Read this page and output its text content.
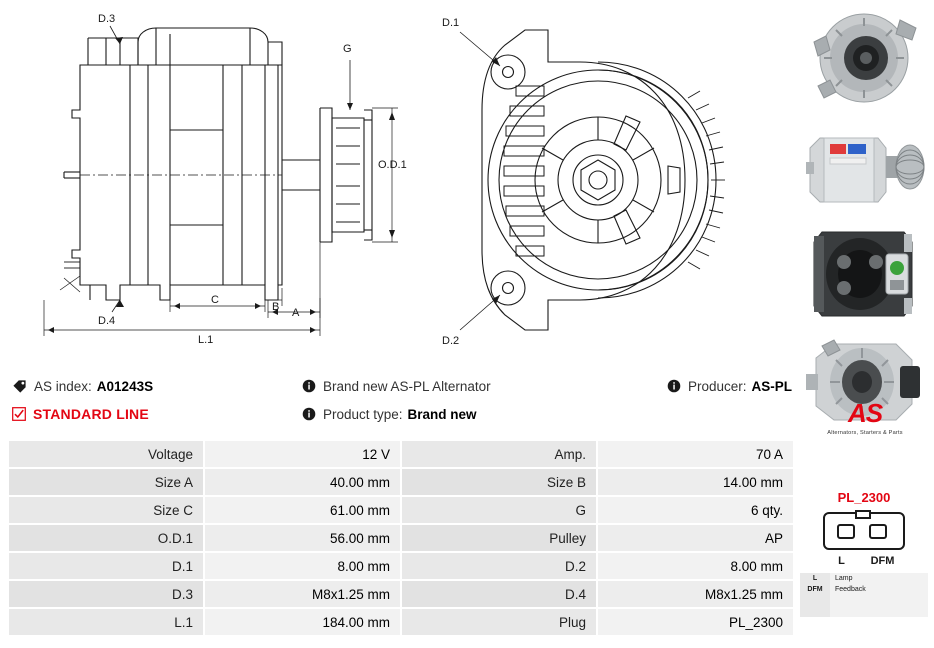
D.3
G
O.D.1
D.4
C
B A
L.1
D.1
D.2
AS index: A01243S	Brand new AS-PL Alternator	Producer: AS-PL
STANDARD LINE	Product type: Brand new
Voltage	12 V	Amp.	70 A
Size A	40.00 mm	Size B	14.00 mm
Size C	61.00 mm	G	6 qty.
O.D.1	56.00 mm	Pulley	AP
D.1	8.00 mm	D.2	8.00 mm
D.3	M8x1.25 mm	D.4	M8x1.25 mm
L.1	184.00 mm	Plug	PL_2300
AS
Alternators, Starters & Parts
PL_2300
L DFM
L	Lamp
DFM	Feedback
